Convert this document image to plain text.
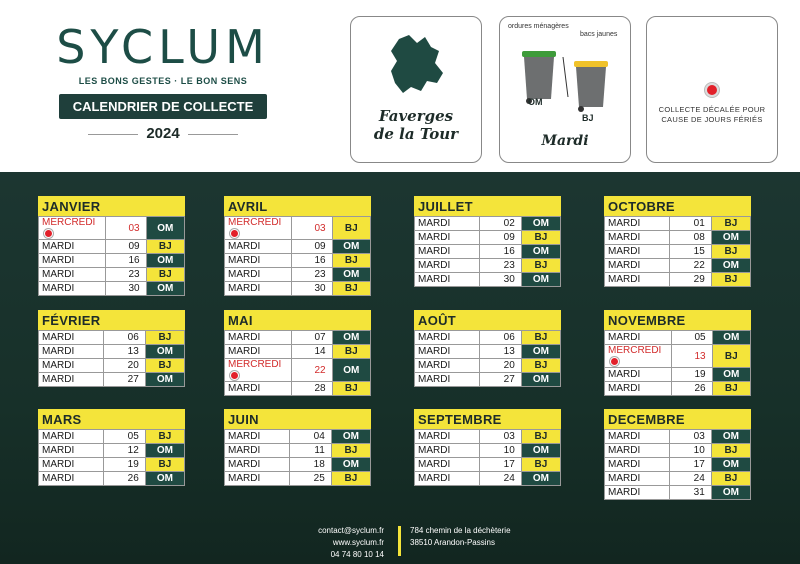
SYCLUM
LES BONS GESTES · LE BON SENS
CALENDRIER DE COLLECTE
2024
Faverges de la Tour
ordures ménagères
bacs jaunes
OM
BJ
Mardi
COLLECTE DÉCALÉE POUR CAUSE DE JOURS FÉRIÉS
JANVIER
MERCREDI	03	OM
MARDI	09	BJ
MARDI	16	OM
MARDI	23	BJ
MARDI	30	OM
AVRIL
MERCREDI	03	BJ
MARDI	09	OM
MARDI	16	BJ
MARDI	23	OM
MARDI	30	BJ
JUILLET
MARDI	02	OM
MARDI	09	BJ
MARDI	16	OM
MARDI	23	BJ
MARDI	30	OM
OCTOBRE
MARDI	01	BJ
MARDI	08	OM
MARDI	15	BJ
MARDI	22	OM
MARDI	29	BJ
FÉVRIER
MARDI	06	BJ
MARDI	13	OM
MARDI	20	BJ
MARDI	27	OM
MAI
MARDI	07	OM
MARDI	14	BJ
MERCREDI	22	OM
MARDI	28	BJ
AOÛT
MARDI	06	BJ
MARDI	13	OM
MARDI	20	BJ
MARDI	27	OM
NOVEMBRE
MARDI	05	OM
MERCREDI	13	BJ
MARDI	19	OM
MARDI	26	BJ
MARS
MARDI	05	BJ
MARDI	12	OM
MARDI	19	BJ
MARDI	26	OM
JUIN
MARDI	04	OM
MARDI	11	BJ
MARDI	18	OM
MARDI	25	BJ
SEPTEMBRE
MARDI	03	BJ
MARDI	10	OM
MARDI	17	BJ
MARDI	24	OM
DECEMBRE
MARDI	03	OM
MARDI	10	BJ
MARDI	17	OM
MARDI	24	BJ
MARDI	31	OM
contact@syclum.fr
www.syclum.fr
04 74 80 10 14
784 chemin de la déchèterie
38510 Arandon-Passins
